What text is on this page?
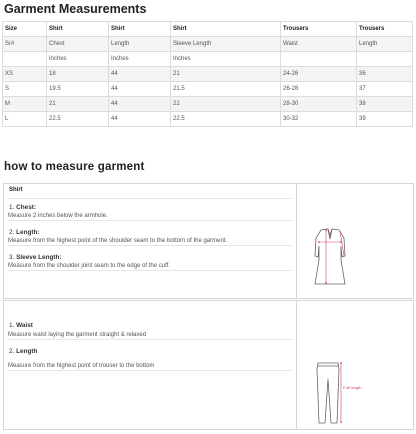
Garment Measurements
Size	Shirt	Shirt	Shirt	Trousers	Trousers
Sr#	Chest	Length	Sleeve Length	Waist	Length
	Inches	Inches	Inches		
XS	18	44	21	24-26	36
S	19.5	44	21.5	26-28	37
M	21	44	22	28-30	38
L	22.5	44	22.5	30-32	39
how to measure garment
Shirt
1. Chest:
Measure 2 inches below the armhole.
2. Length:
Measure from the highest point of the shoulder seam to the bottom of the garment.
3. Sleeve Length:
Measure from the shoulder joint seam to the edge of the cuff.
1. Waist
Measure waist laying the garment straight & relaxed
2. Length
Measure from the highest point of trouser to the bottom
Full length
